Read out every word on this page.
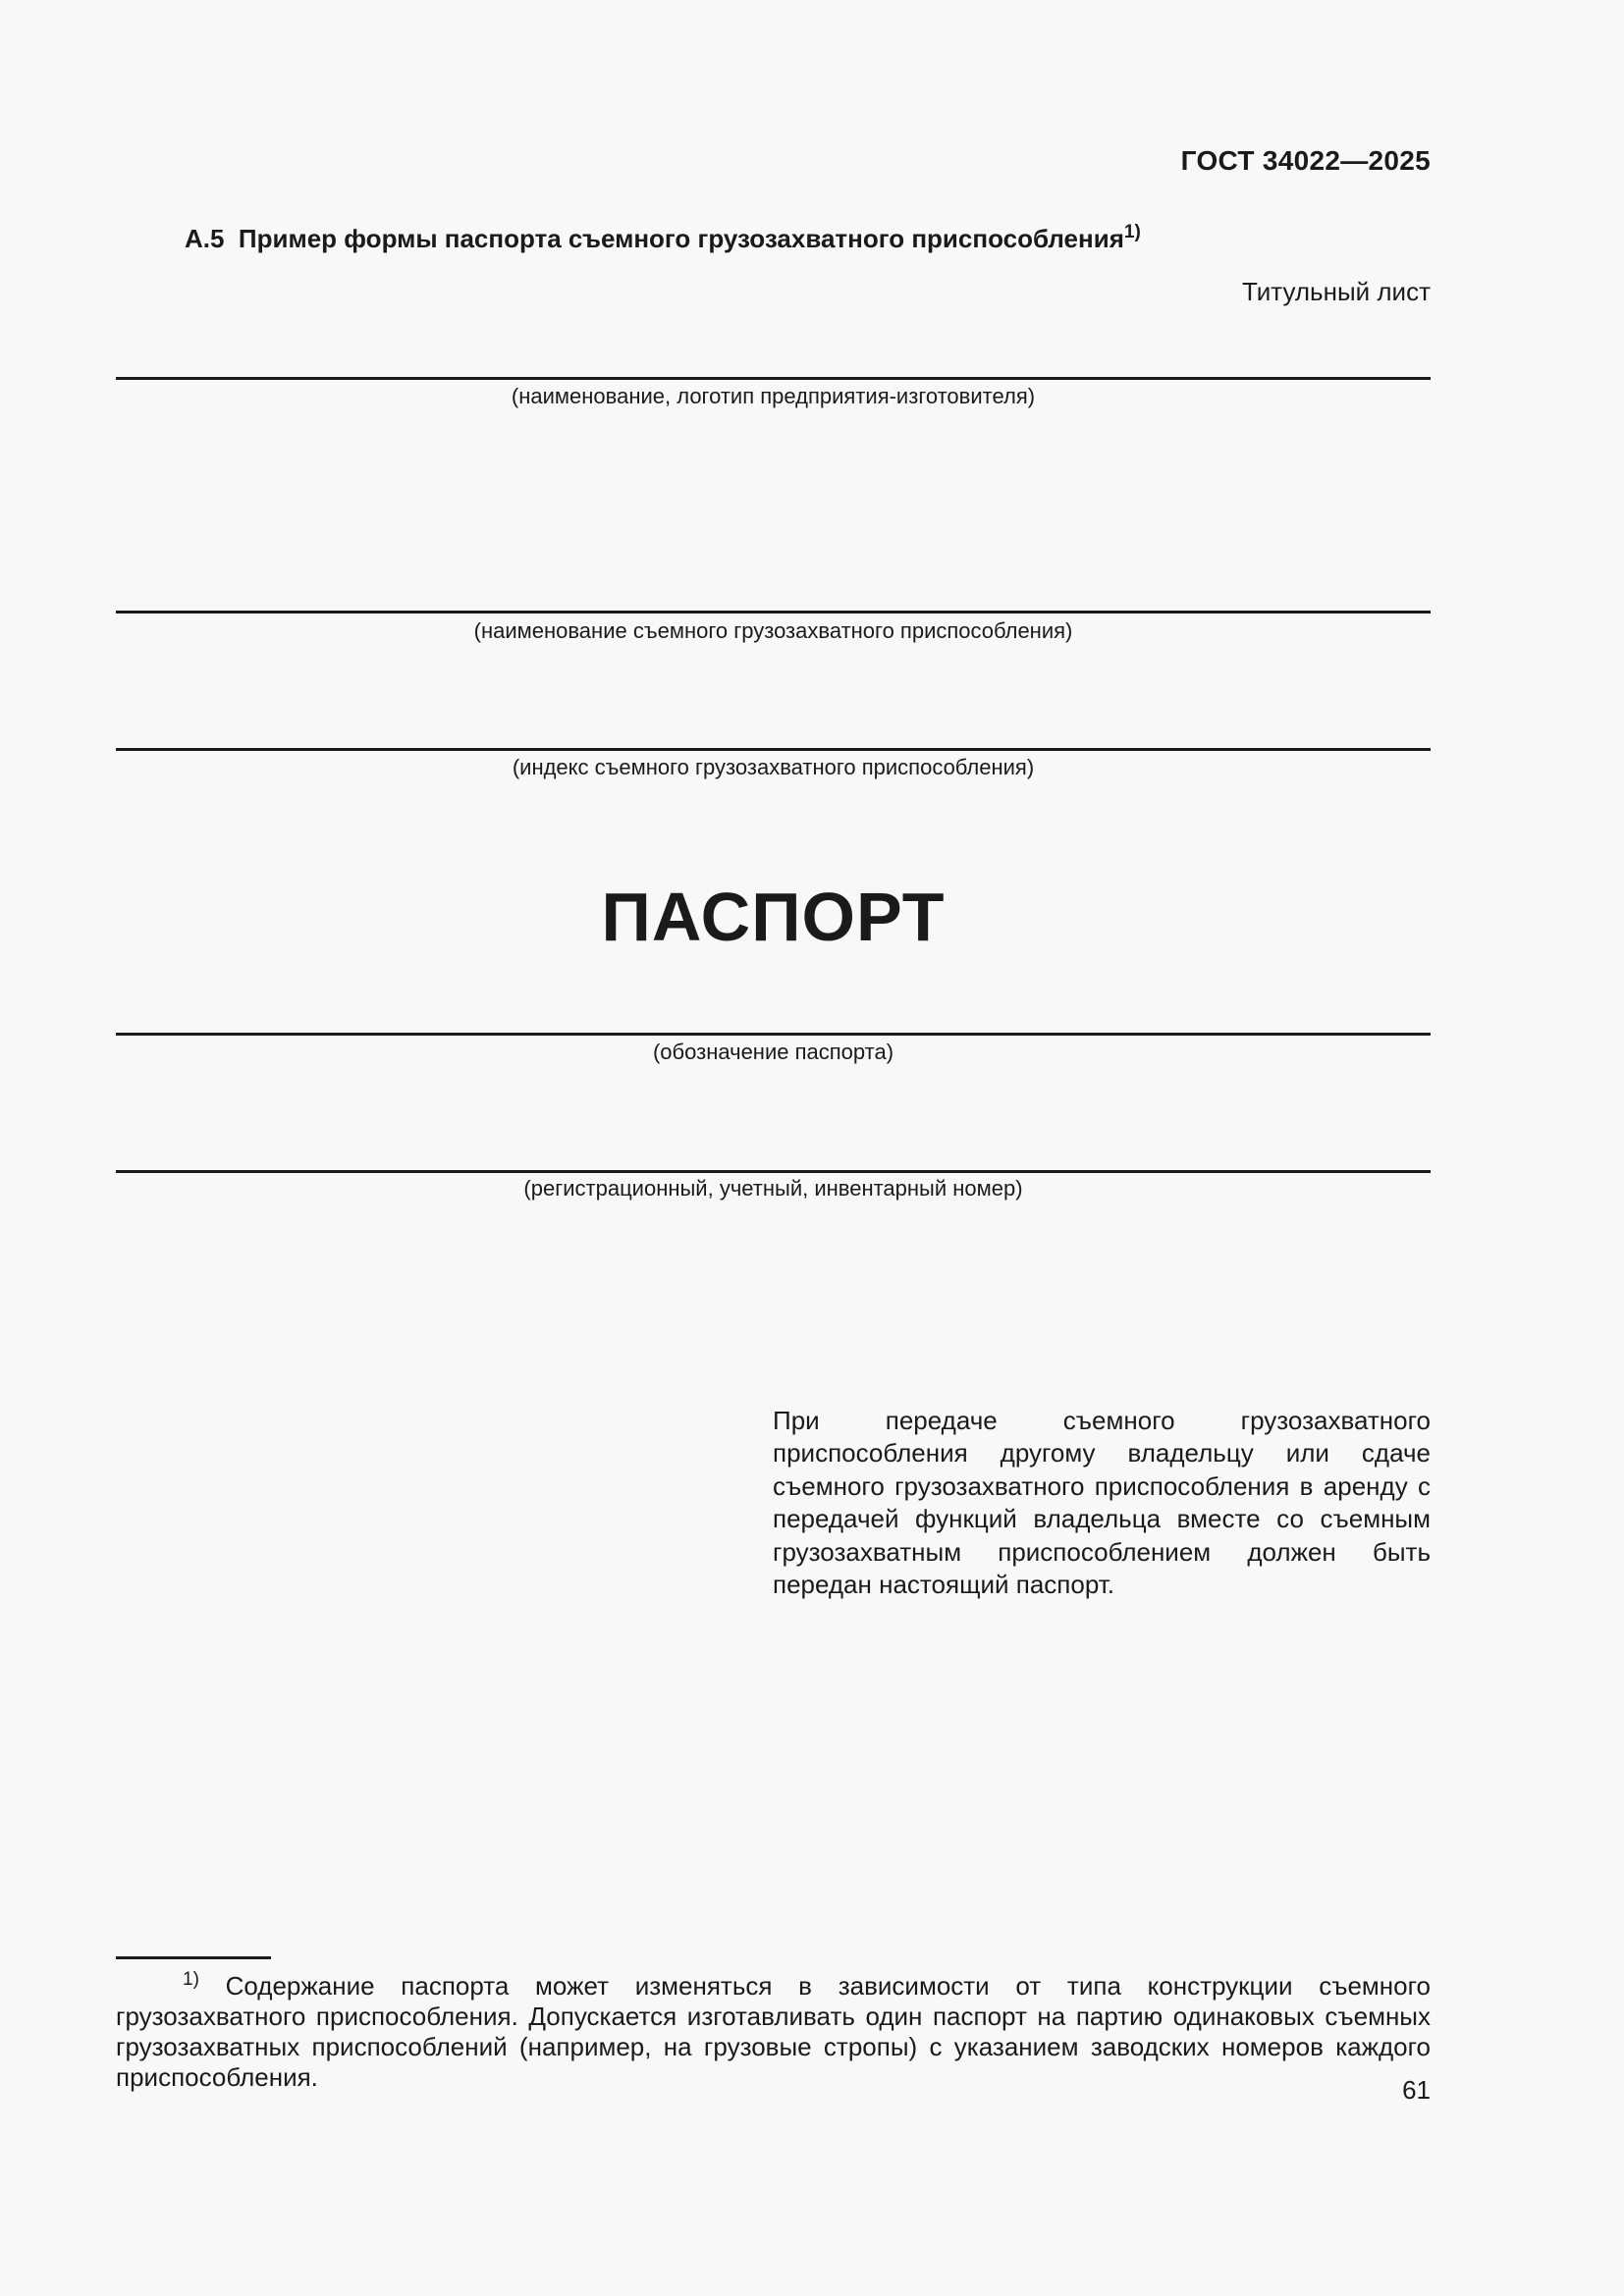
ГОСТ 34022—2025
А.5 Пример формы паспорта съемного грузозахватного приспособления$^{1)}$
Титульный лист
(наименование, логотип предприятия-изготовителя)
(наименование съемного грузозахватного приспособления)
(индекс съемного грузозахватного приспособления)
ПАСПОРТ
(обозначение паспорта)
(регистрационный, учетный, инвентарный номер)
При передаче съемного грузозахватного приспособления другому владельцу или сдаче съемного грузозахватного приспособления в аренду с передачей функций владельца вместе со съемным грузозахватным приспособлением должен быть передан настоящий паспорт.
$^{1)}$ Содержание паспорта может изменяться в зависимости от типа конструкции съемного грузозахватного приспособления. Допускается изготавливать один паспорт на партию одинаковых съемных грузозахватных приспособлений (например, на грузовые стропы) с указанием заводских номеров каждого приспособления.	61
